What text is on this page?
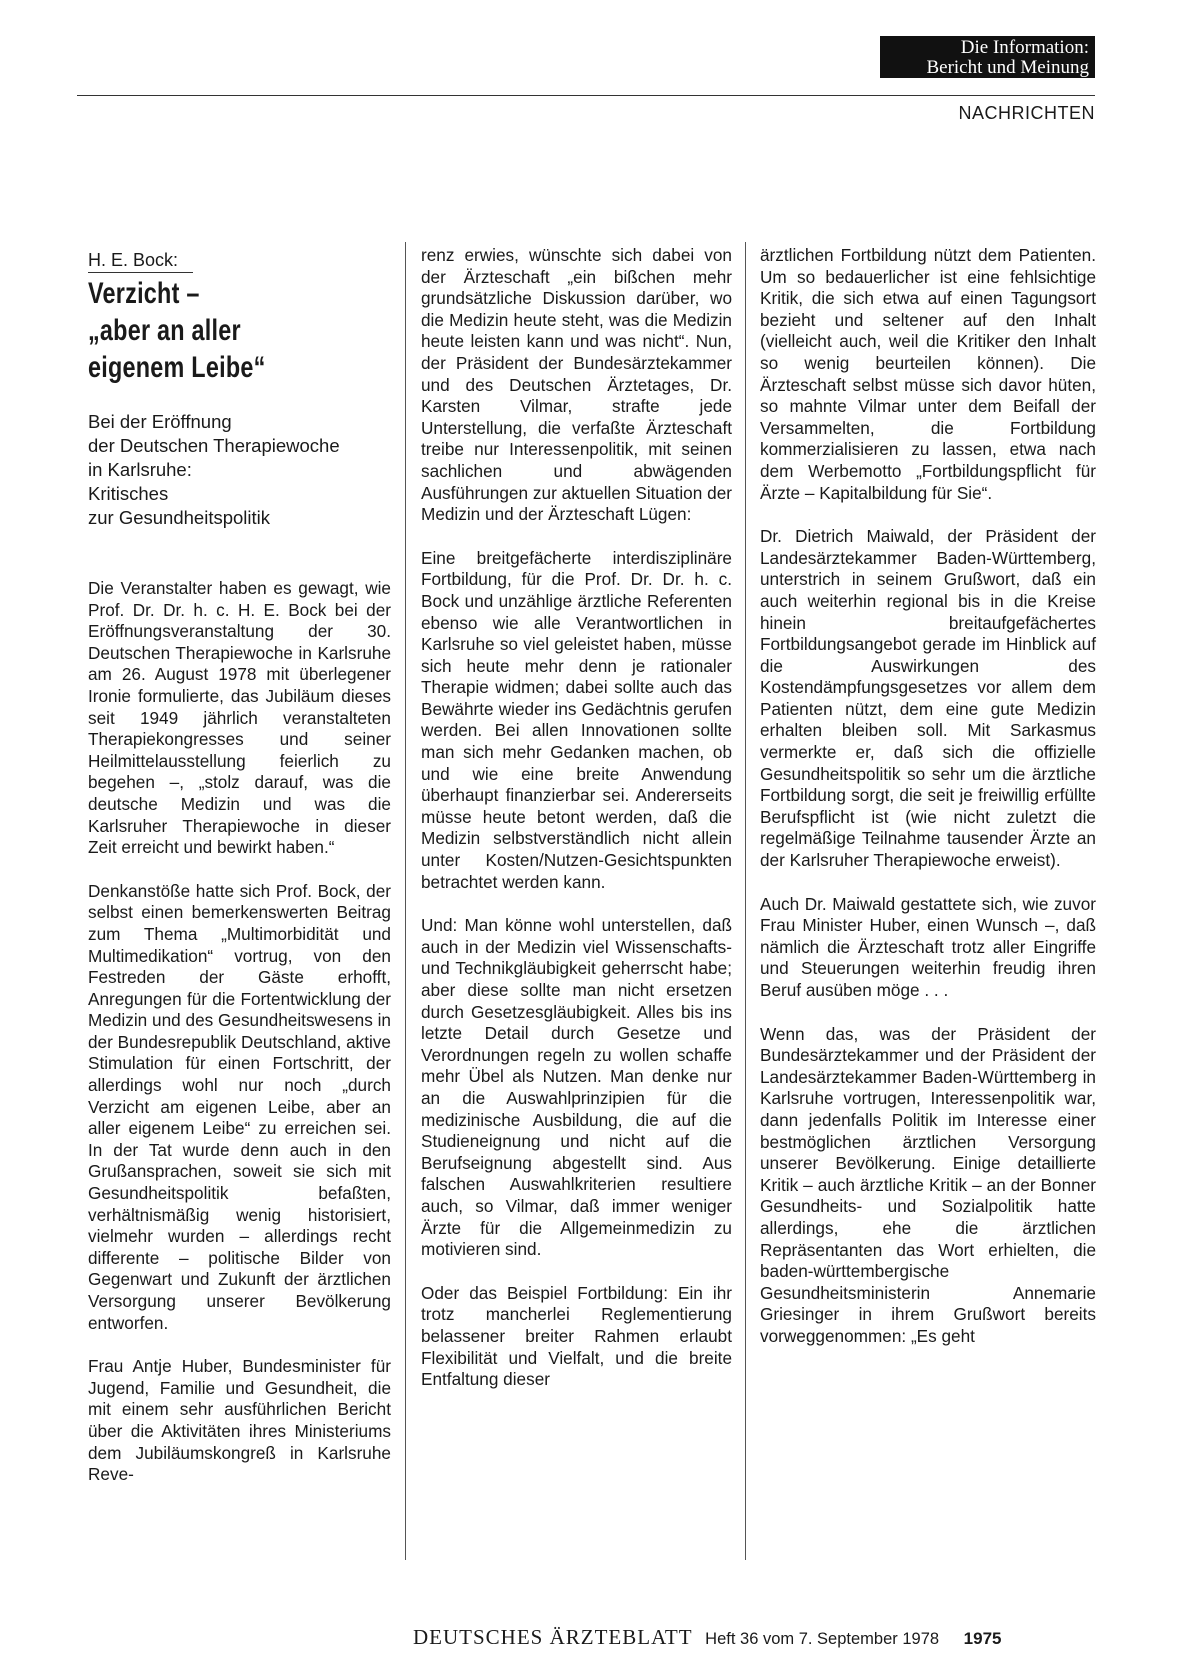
Die Information:
Bericht und Meinung
NACHRICHTEN
H. E. Bock:
Verzicht –
„aber an aller
eigenem Leibe“
Bei der Eröffnung
der Deutschen Therapiewoche
in Karlsruhe:
Kritisches
zur Gesundheitspolitik

Die Veranstalter haben es gewagt, wie Prof. Dr. Dr. h. c. H. E. Bock bei der Eröffnungsveranstaltung der 30. Deutschen Therapiewoche in Karlsruhe am 26. August 1978 mit überlegener Ironie formulierte, das Jubiläum dieses seit 1949 jährlich veranstalteten Therapiekongresses und seiner Heilmittelausstellung feierlich zu begehen –, „stolz darauf, was die deutsche Medizin und was die Karlsruher Therapiewoche in dieser Zeit erreicht und bewirkt haben.“

Denkanstöße hatte sich Prof. Bock, der selbst einen bemerkenswerten Beitrag zum Thema „Multimorbidität und Multimedikation“ vortrug, von den Festreden der Gäste erhofft, Anregungen für die Fortentwicklung der Medizin und des Gesundheitswesens in der Bundesrepublik Deutschland, aktive Stimulation für einen Fortschritt, der allerdings wohl nur noch „durch Verzicht am eigenen Leibe, aber an aller eigenem Leibe“ zu erreichen sei. In der Tat wurde denn auch in den Grußansprachen, soweit sie sich mit Gesundheitspolitik befaßten, verhältnismäßig wenig historisiert, vielmehr wurden – allerdings recht differente – politische Bilder von Gegenwart und Zukunft der ärztlichen Versorgung unserer Bevölkerung entworfen.

Frau Antje Huber, Bundesminister für Jugend, Familie und Gesundheit, die mit einem sehr ausführlichen Bericht über die Aktivitäten ihres Ministeriums dem Jubiläumskongreß in Karlsruhe Reve-

renz erwies, wünschte sich dabei von der Ärzteschaft „ein bißchen mehr grundsätzliche Diskussion darüber, wo die Medizin heute steht, was die Medizin heute leisten kann und was nicht“. Nun, der Präsident der Bundesärztekammer und des Deutschen Ärztetages, Dr. Karsten Vilmar, strafte jede Unterstellung, die verfaßte Ärzteschaft treibe nur Interessenpolitik, mit seinen sachlichen und abwägenden Ausführungen zur aktuellen Situation der Medizin und der Ärzteschaft Lügen:

Eine breitgefächerte interdisziplinäre Fortbildung, für die Prof. Dr. Dr. h. c. Bock und unzählige ärztliche Referenten ebenso wie alle Verantwortlichen in Karlsruhe so viel geleistet haben, müsse sich heute mehr denn je rationaler Therapie widmen; dabei sollte auch das Bewährte wieder ins Gedächtnis gerufen werden. Bei allen Innovationen sollte man sich mehr Gedanken machen, ob und wie eine breite Anwendung überhaupt finanzierbar sei. Andererseits müsse heute betont werden, daß die Medizin selbstverständlich nicht allein unter Kosten/Nutzen-Gesichtspunkten betrachtet werden kann.

Und: Man könne wohl unterstellen, daß auch in der Medizin viel Wissenschafts- und Technikgläubigkeit geherrscht habe; aber diese sollte man nicht ersetzen durch Gesetzesgläubigkeit. Alles bis ins letzte Detail durch Gesetze und Verordnungen regeln zu wollen schaffe mehr Übel als Nutzen. Man denke nur an die Auswahlprinzipien für die medizinische Ausbildung, die auf die Studieneignung und nicht auf die Berufseignung abgestellt sind. Aus falschen Auswahlkriterien resultiere auch, so Vilmar, daß immer weniger Ärzte für die Allgemeinmedizin zu motivieren sind.

Oder das Beispiel Fortbildung: Ein ihr trotz mancherlei Reglementierung belassener breiter Rahmen erlaubt Flexibilität und Vielfalt, und die breite Entfaltung dieser

ärztlichen Fortbildung nützt dem Patienten. Um so bedauerlicher ist eine fehlsichtige Kritik, die sich etwa auf einen Tagungsort bezieht und seltener auf den Inhalt (vielleicht auch, weil die Kritiker den Inhalt so wenig beurteilen können). Die Ärzteschaft selbst müsse sich davor hüten, so mahnte Vilmar unter dem Beifall der Versammelten, die Fortbildung kommerzialisieren zu lassen, etwa nach dem Werbemotto „Fortbildungspflicht für Ärzte – Kapitalbildung für Sie“.

Dr. Dietrich Maiwald, der Präsident der Landesärztekammer Baden-Württemberg, unterstrich in seinem Grußwort, daß ein auch weiterhin regional bis in die Kreise hinein breitaufgefächertes Fortbildungsangebot gerade im Hinblick auf die Auswirkungen des Kostendämpfungsgesetzes vor allem dem Patienten nützt, dem eine gute Medizin erhalten bleiben soll. Mit Sarkasmus vermerkte er, daß sich die offizielle Gesundheitspolitik so sehr um die ärztliche Fortbildung sorgt, die seit je freiwillig erfüllte Berufspflicht ist (wie nicht zuletzt die regelmäßige Teilnahme tausender Ärzte an der Karlsruher Therapiewoche erweist).

Auch Dr. Maiwald gestattete sich, wie zuvor Frau Minister Huber, einen Wunsch –, daß nämlich die Ärzteschaft trotz aller Eingriffe und Steuerungen weiterhin freudig ihren Beruf ausüben möge . . .

Wenn das, was der Präsident der Bundesärztekammer und der Präsident der Landesärztekammer Baden-Württemberg in Karlsruhe vortrugen, Interessenpolitik war, dann jedenfalls Politik im Interesse einer bestmöglichen ärztlichen Versorgung unserer Bevölkerung. Einige detaillierte Kritik – auch ärztliche Kritik – an der Bonner Gesundheits- und Sozialpolitik hatte allerdings, ehe die ärztlichen Repräsentanten das Wort erhielten, die baden-württembergische Gesundheitsministerin Annemarie Griesinger in ihrem Grußwort bereits vorweggenommen: „Es geht

DEUTSCHES ÄRZTEBLATT Heft 36 vom 7. September 1978 1975
